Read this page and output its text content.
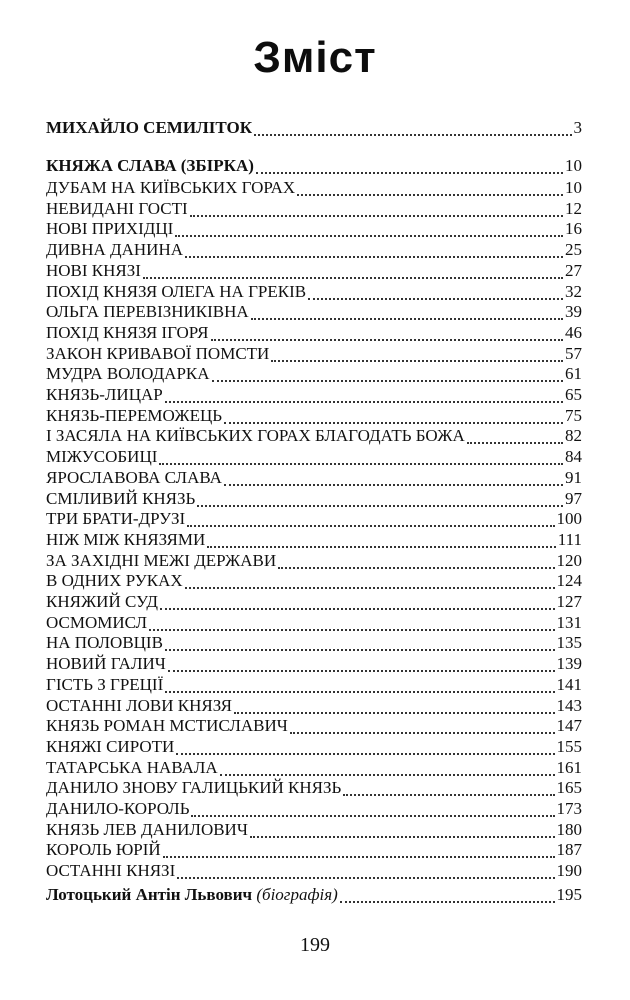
Зміст
МИХАЙЛО СЕМИЛІТОК	3
КНЯЖА СЛАВА (ЗБІРКА)	10
ДУБАМ НА КИЇВСЬКИХ ГОРАХ	10
НЕВИДАНІ ГОСТІ	12
НОВІ ПРИХІДЦІ	16
ДИВНА ДАНИНА	25
НОВІ КНЯЗІ	27
ПОХІД КНЯЗЯ ОЛЕГА НА ГРЕКІВ	32
ОЛЬГА ПЕРЕВІЗНИКІВНА	39
ПОХІД КНЯЗЯ ІГОРЯ	46
ЗАКОН КРИВАВОЇ ПОМСТИ	57
МУДРА ВОЛОДАРКА	61
КНЯЗЬ-ЛИЦАР	65
КНЯЗЬ-ПЕРЕМОЖЕЦЬ	75
І ЗАСЯЛА НА КИЇВСЬКИХ ГОРАХ БЛАГОДАТЬ БОЖА	82
МІЖУСОБИЦІ	84
ЯРОСЛАВОВА СЛАВА	91
СМІЛИВИЙ КНЯЗЬ	97
ТРИ БРАТИ-ДРУЗІ	100
НІЖ МІЖ КНЯЗЯМИ	111
ЗА ЗАХІДНІ МЕЖІ ДЕРЖАВИ	120
В ОДНИХ РУКАХ	124
КНЯЖИЙ СУД	127
ОСМОМИСЛ	131
НА ПОЛОВЦІВ	135
НОВИЙ ГАЛИЧ	139
ГІСТЬ З ГРЕЦІЇ	141
ОСТАННІ ЛОВИ КНЯЗЯ	143
КНЯЗЬ РОМАН МСТИСЛАВИЧ	147
КНЯЖІ СИРОТИ	155
ТАТАРСЬКА НАВАЛА	161
ДАНИЛО ЗНОВУ ГАЛИЦЬКИЙ КНЯЗЬ	165
ДАНИЛО-КОРОЛЬ	173
КНЯЗЬ ЛЕВ ДАНИЛОВИЧ	180
КОРОЛЬ ЮРІЙ	187
ОСТАННІ КНЯЗІ	190
Лотоцький Антін Львович (біографія)	195
199
